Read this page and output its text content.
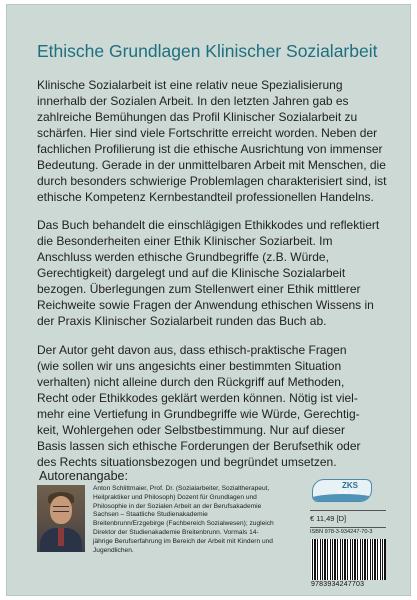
Ethische Grundlagen Klinischer Sozialarbeit

Klinische Sozialarbeit ist eine relativ neue Spezialisierung innerhalb der Sozialen Arbeit. In den letzten Jahren gab es zahlreiche Bemühungen das Profil Klinischer Sozialarbeit zu schärfen. Hier sind viele Fortschritte erreicht worden. Neben der fachlichen Profilierung ist die ethische Ausrichtung von immenser Bedeutung. Gerade in der unmittelbaren Arbeit mit Menschen, die durch besonders schwierige Problemlagen charakterisiert sind, ist ethische Kompetenz Kernbestandteil professionellen Handelns.

Das Buch behandelt die einschlägigen Ethikkodes und reflektiert die Besonderheiten einer Ethik Klinischer Soziarbeit. Im Anschluss werden ethische Grundbegriffe (z.B. Würde, Gerechtigkeit) dargelegt und auf die Klinische Sozialarbeit bezogen. Überlegungen zum Stellenwert einer Ethik mittlerer Reichweite sowie Fragen der Anwendung ethischen Wissens in der Praxis Klinischer Sozialarbeit runden das Buch ab.

Der Autor geht davon aus, dass ethisch-praktische Fragen
(wie sollen wir uns angesichts einer bestimmten Situation
verhalten) nicht alleine durch den Rückgriff auf Methoden,
Recht oder Ethikkodes geklärt werden können. Nötig ist viel-
mehr eine Vertiefung in Grundbegriffe wie Würde, Gerechtig-
keit, Wohlergehen oder Selbstbestimmung. Nur auf dieser
Basis lassen sich ethische Forderungen der Berufsethik oder
des Rechts situationsbezogen und begründet umsetzen.

Autorenangabe:

Anton Schlittmaier, Prof. Dr. (Sozialarbeiter, Sozialtherapeut, Heilpraktiker und Philosoph) Dozent für Grundlagen und Philosophie in der Sozialen Arbeit an der Berufsakademie Sachsen – Staatliche Studienakademie Breitenbrunn/Erzgebirge (Fachbereich Sozialwesen); zugleich Direktor der Studienakademie Breitenbrunn. Vormals 14-jährige Berufserfahrung im Bereich der Arbeit mit Kindern und Jugendlichen.

ZKS
VERLAG
€ 11,49 [D]
ISBN 978-3-934247-70-3
9783934247703
